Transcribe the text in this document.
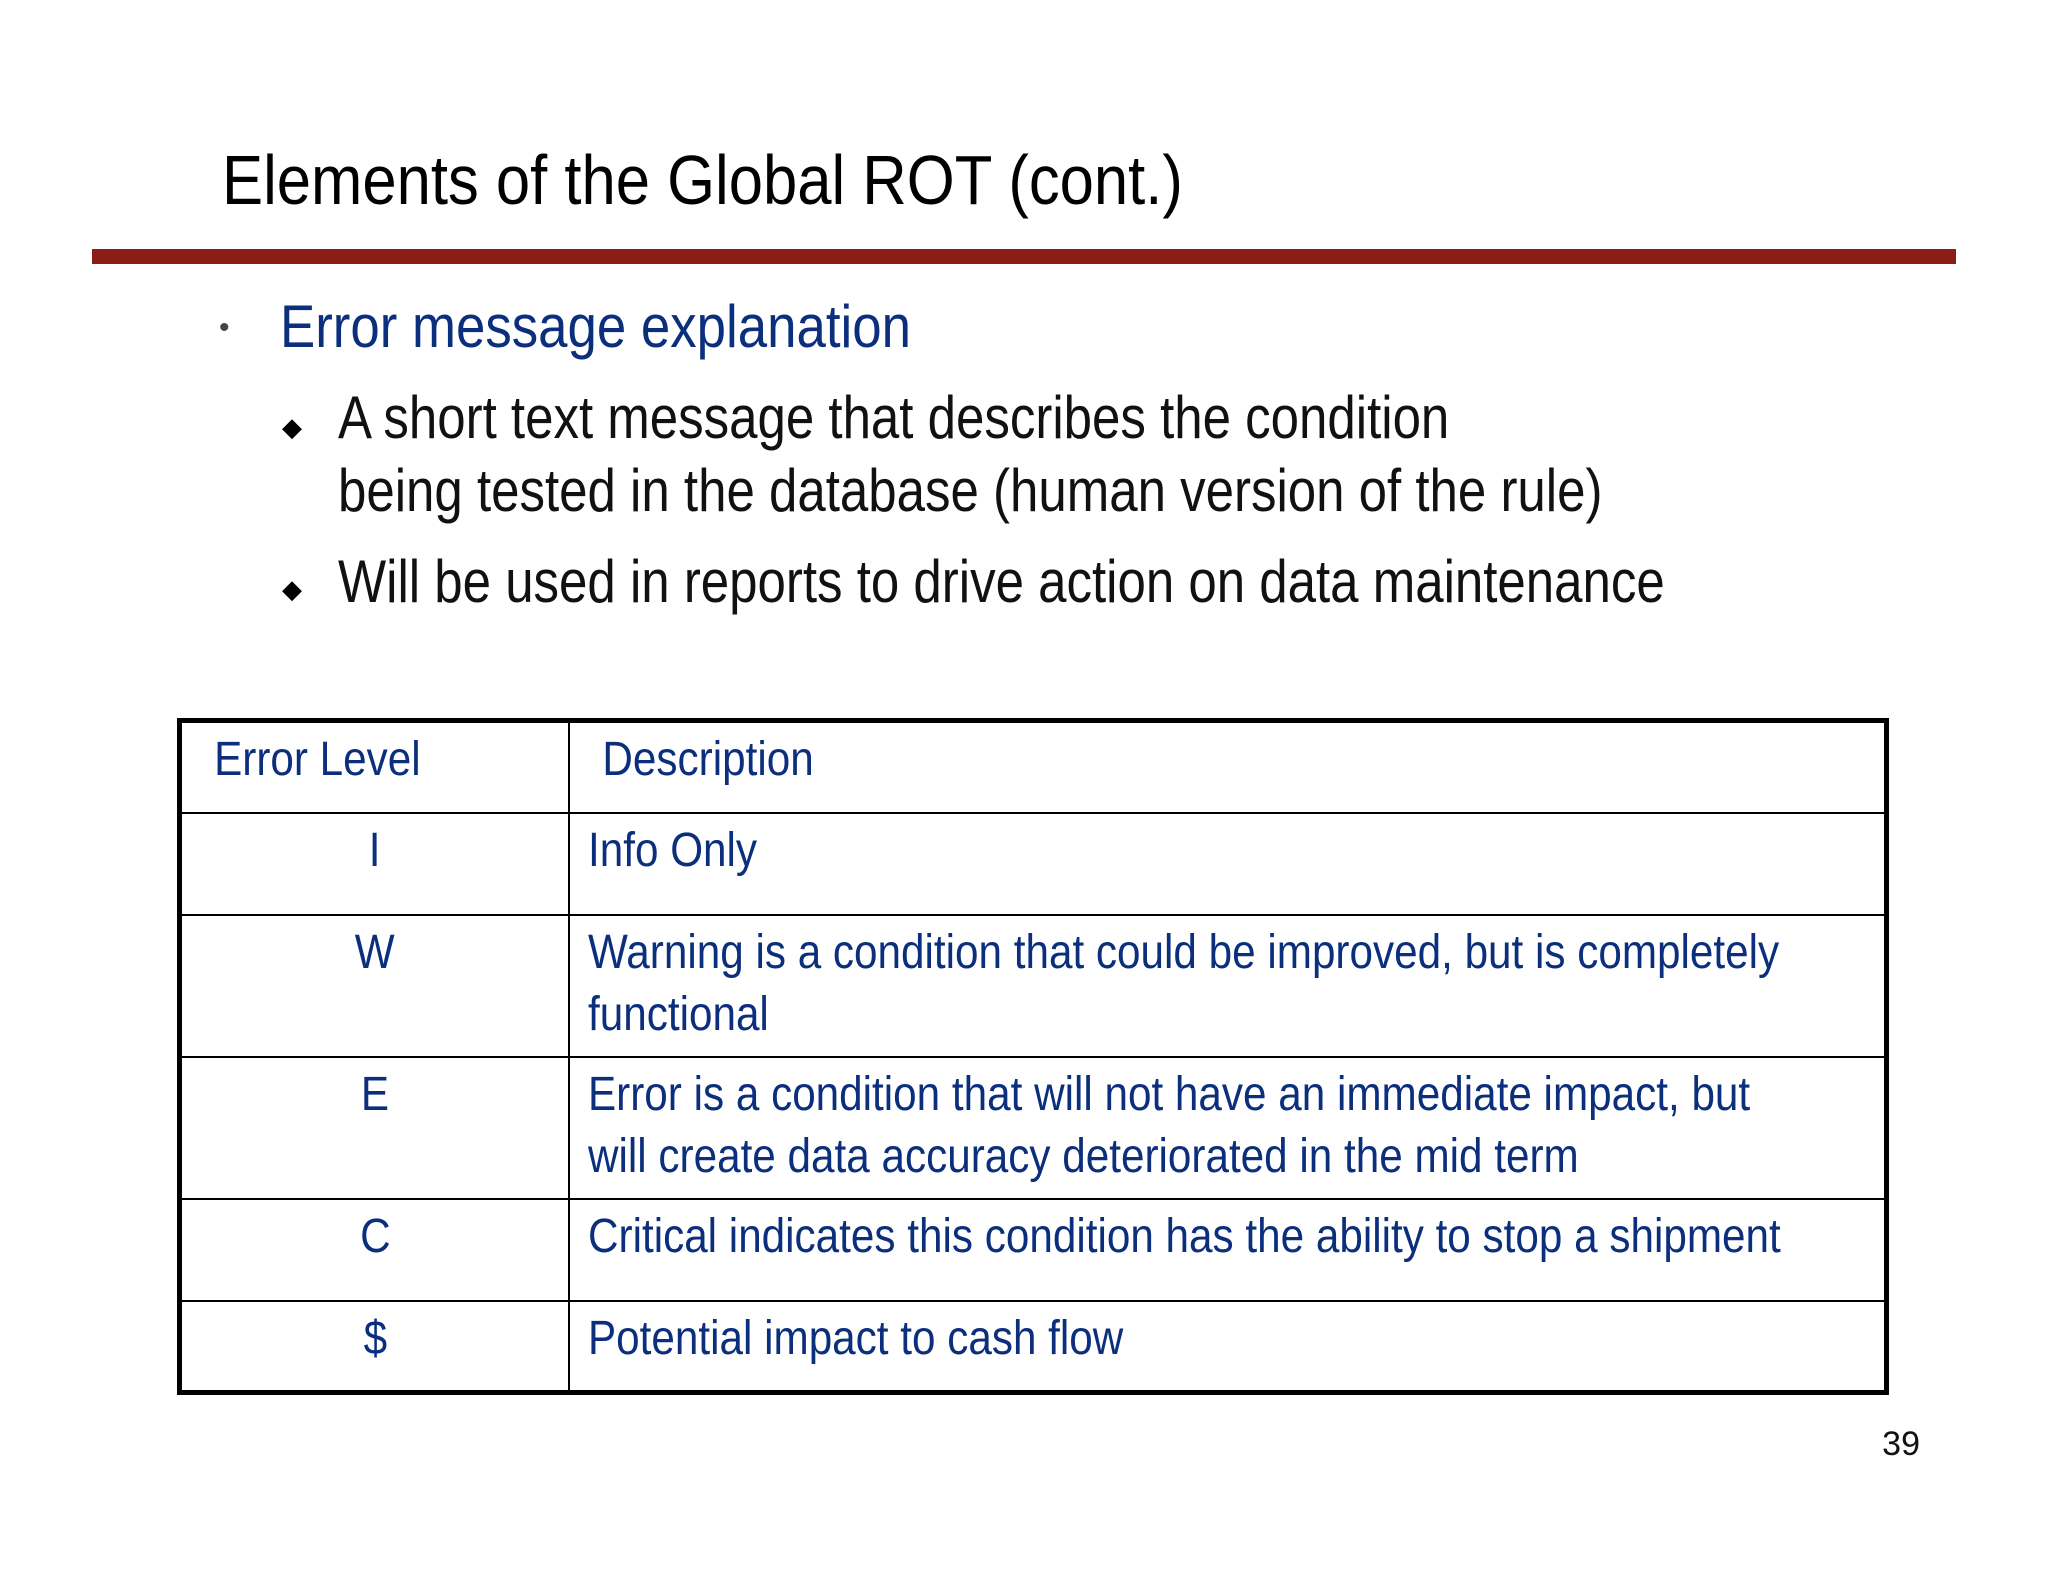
Elements of the Global ROT (cont.)
• Error message explanation
◆ A short text message that describes the condition
being tested in the database (human version of the rule)
◆ Will be used in reports to drive action on data maintenance
Error Level	Description
I	Info Only
W	Warning is a condition that could be improved, but is completely
functional
E	Error is a condition that will not have an immediate impact, but
will create data accuracy deteriorated in the mid term
C	Critical indicates this condition has the ability to stop a shipment
$	Potential impact to cash flow
39
